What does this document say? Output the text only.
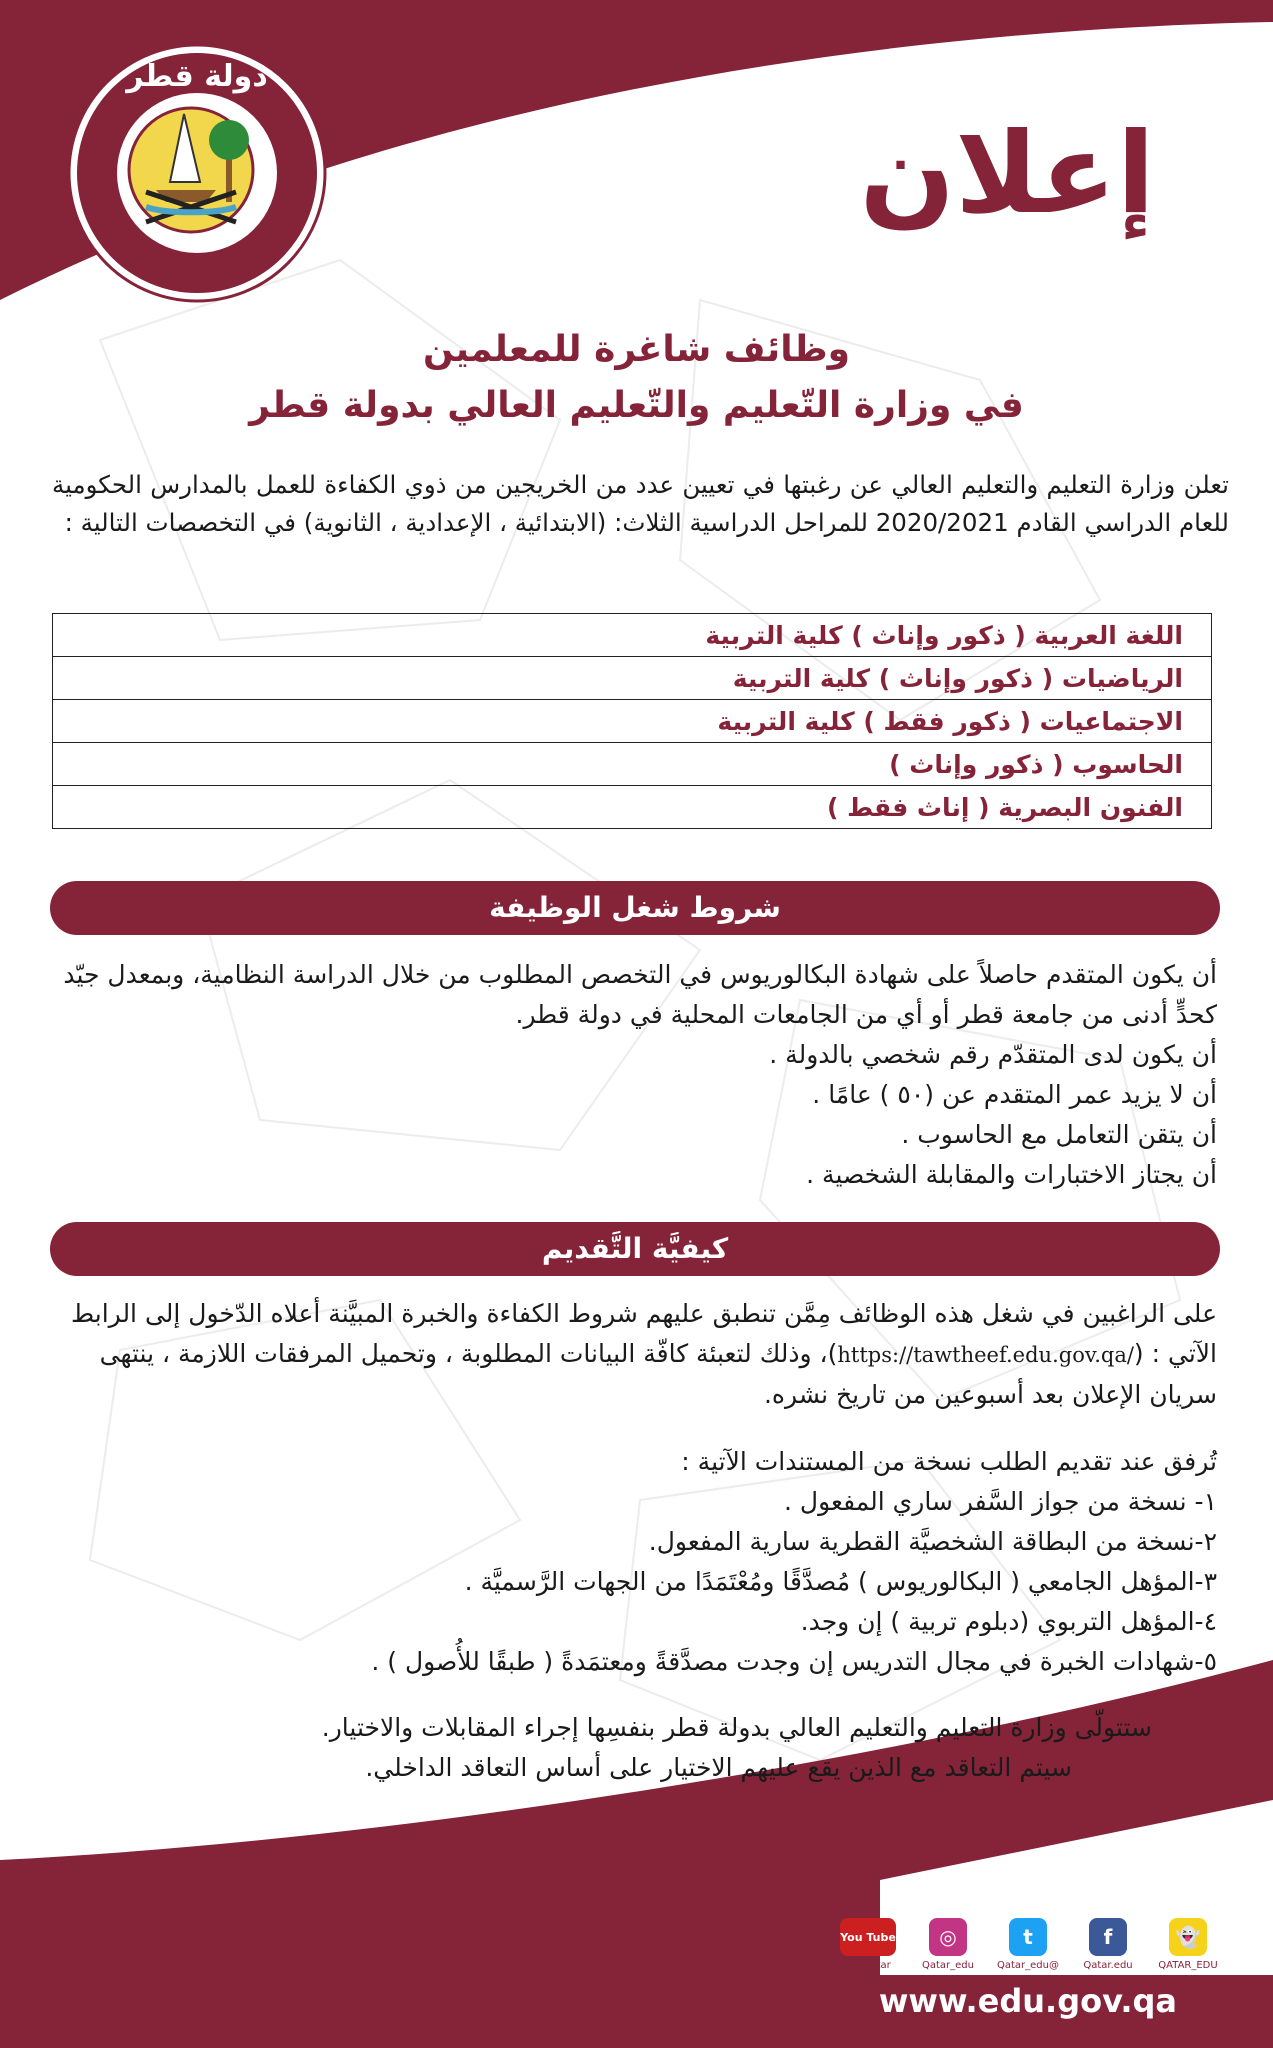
دولة قطر
إعلان
وظائف شاغرة للمعلمين
في وزارة التّعليم والتّعليم العالي بدولة قطر
تعلن وزارة التعليم والتعليم العالي عن رغبتها في تعيين عدد من الخريجين من ذوي الكفاءة للعمل بالمدارس الحكومية للعام الدراسي القادم 2020/2021 للمراحل الدراسية الثلاث: (الابتدائية ، الإعدادية ، الثانوية) في التخصصات التالية :
اللغة العربية ( ذكور وإناث ) كلية التربية
الرياضيات ( ذكور وإناث ) كلية التربية
الاجتماعيات ( ذكور فقط ) كلية التربية
الحاسوب ( ذكور وإناث )
الفنون البصرية ( إناث فقط )
شروط شغل الوظيفة

أن يكون المتقدم حاصلاً على شهادة البكالوريوس في التخصص المطلوب من خلال الدراسة النظامية، وبمعدل جيّد كحدٍّ أدنى من جامعة قطر أو أي من الجامعات المحلية في دولة قطر.

أن يكون لدى المتقدّم رقم شخصي بالدولة .

أن لا يزيد عمر المتقدم عن (٥٠ ) عامًا .

أن يتقن التعامل مع الحاسوب .

أن يجتاز الاختبارات والمقابلة الشخصية .

كيفيَّة التَّقديم
على الراغبين في شغل هذه الوظائف مِمَّن تنطبق عليهم شروط الكفاءة والخبرة المبيَّنة أعلاه الدّخول إلى الرابط الآتي : (https://tawtheef.edu.gov.qa/)، وذلك لتعبئة كافّة البيانات المطلوبة ، وتحميل المرفقات اللازمة ، ينتهى سريان الإعلان بعد أسبوعين من تاريخ نشره.

تُرفق عند تقديم الطلب نسخة من المستندات الآتية :

١- نسخة من جواز السَّفر ساري المفعول .

٢-نسخة من البطاقة الشخصيَّة القطرية سارية المفعول.

٣-المؤهل الجامعي ( البكالوريوس ) مُصدَّقًا ومُعْتَمَدًا من الجهات الرَّسميَّة .

٤-المؤهل التربوي (دبلوم تربية ) إن وجد.

٥-شهادات الخبرة في مجال التدريس إن وجدت مصدَّقةً ومعتمَدةً ( طبقًا للأُصول ) .

ستتولّى وزارة التعليم والتعليم العالي بدولة قطر بنفسِها إجراء المقابلات والاختيار.
سيتم التعاقد مع الذين يقع عليهم الاختيار على أساس التعاقد الداخلي.
👻
QATAR_EDU
f
Qatar.edu
t
@Qatar_edu
◎
Qatar_edu
You Tube
eduqatar
www.edu.gov.qa
